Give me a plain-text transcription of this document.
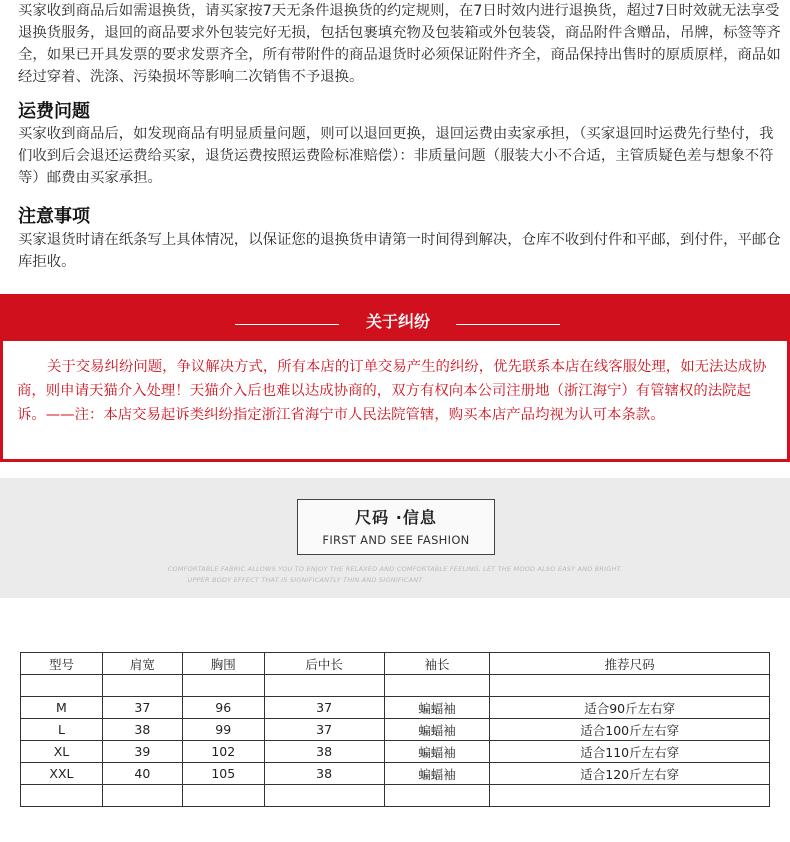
买家收到商品后如需退换货，请买家按7天无条件退换货的约定规则，在7日时效内进行退换货，超过7日时效就无法享受退换货服务，退回的商品要求外包装完好无损，包括包裹填充物及包装箱或外包装袋，商品附件含赠品，吊牌，标签等齐全，如果已开具发票的要求发票齐全，所有带附件的商品退货时必须保证附件齐全，商品保持出售时的原质原样，商品如经过穿着、洗涤、污染损坏等影响二次销售不予退换。

运费问题

买家收到商品后，如发现商品有明显质量问题，则可以退回更换，退回运费由卖家承担，（买家退回时运费先行垫付，我们收到后会退还运费给买家，退货运费按照运费险标准赔偿）：非质量问题（服装大小不合适，主管质疑色差与想象不符等）邮费由买家承担。

注意事项

买家退货时请在纸条写上具体情况，以保证您的退换货申请第一时间得到解决，仓库不收到付件和平邮，到付件，平邮仓库拒收。

关于纠纷

关于交易纠纷问题，争议解决方式，所有本店的订单交易产生的纠纷，优先联系本店在线客服处理，如无法达成协商，则申请天猫介入处理！天猫介入后也难以达成协商的，双方有权向本公司注册地（浙江海宁）有管辖权的法院起诉。——注：本店交易起诉类纠纷指定浙江省海宁市人民法院管辖，购买本店产品均视为认可本条款。

尺码 ·信息
FIRST AND SEE FASHION
COMFORTABLE FABRIC ALLOWS YOU TO ENJOY THE RELAXED AND COMFORTABLE FEELING, LET THE MOOD ALSO EASY AND BRIGHT.
UPPER BODY EFFECT THAT IS SIGNIFICANTLY THIN AND SIGNIFICANT
型号	肩宽	胸围	后中长	袖长	推荐尺码

M	37	96	37	蝙蝠袖	适合90斤左右穿
L	38	99	37	蝙蝠袖	适合100斤左右穿
XL	39	102	38	蝙蝠袖	适合110斤左右穿
XXL	40	105	38	蝙蝠袖	适合120斤左右穿
